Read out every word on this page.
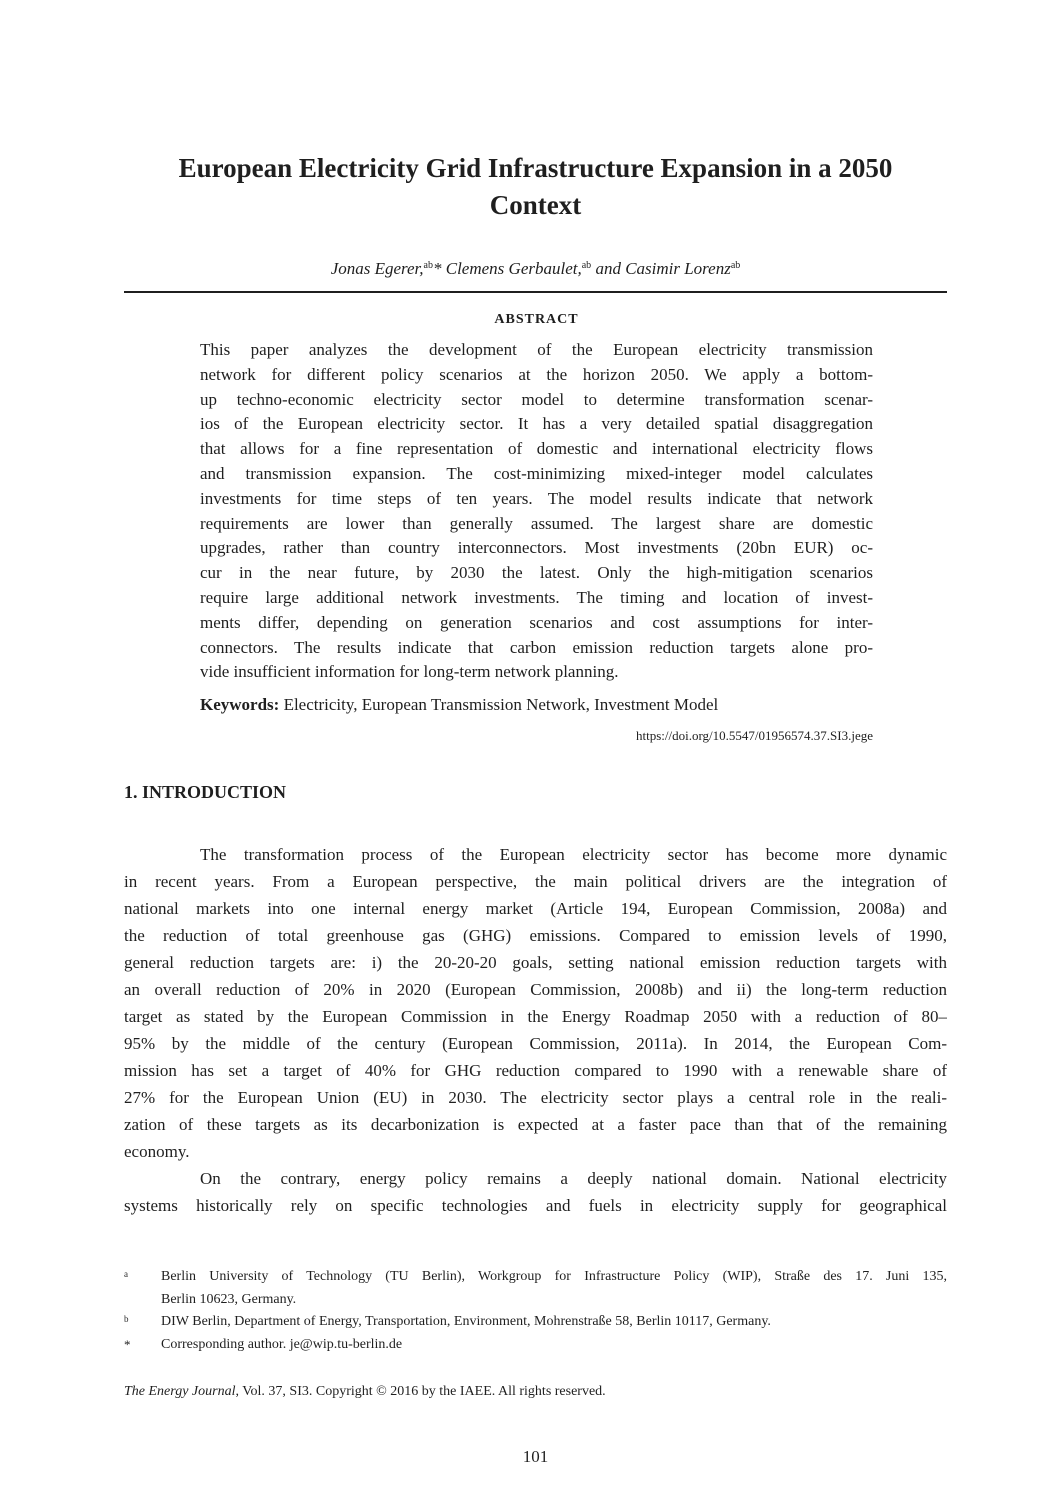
European Electricity Grid Infrastructure Expansion in a 2050
Context
Jonas Egerer,$^{ab}$* Clemens Gerbaulet,$^{ab}$ and Casimir Lorenz$^{ab}$
ABSTRACT

This paper analyzes the development of the European electricity transmission
network for different policy scenarios at the horizon 2050. We apply a bottom-
up techno-economic electricity sector model to determine transformation scenar-
ios of the European electricity sector. It has a very detailed spatial disaggregation
that allows for a fine representation of domestic and international electricity flows
and transmission expansion. The cost-minimizing mixed-integer model calculates
investments for time steps of ten years. The model results indicate that network
requirements are lower than generally assumed. The largest share are domestic
upgrades, rather than country interconnectors. Most investments (20bn EUR) oc-
cur in the near future, by 2030 the latest. Only the high-mitigation scenarios
require large additional network investments. The timing and location of invest-
ments differ, depending on generation scenarios and cost assumptions for inter-
connectors. The results indicate that carbon emission reduction targets alone pro-
vide insufficient information for long-term network planning.

Keywords: Electricity, European Transmission Network, Investment Model
https://doi.org/10.5547/01956574.37.SI3.jege
1. INTRODUCTION

The transformation process of the European electricity sector has become more dynamic
in recent years. From a European perspective, the main political drivers are the integration of
national markets into one internal energy market (Article 194, European Commission, 2008a) and
the reduction of total greenhouse gas (GHG) emissions. Compared to emission levels of 1990,
general reduction targets are: i) the 20-20-20 goals, setting national emission reduction targets with
an overall reduction of 20% in 2020 (European Commission, 2008b) and ii) the long-term reduction
target as stated by the European Commission in the Energy Roadmap 2050 with a reduction of 80–
95% by the middle of the century (European Commission, 2011a). In 2014, the European Com-
mission has set a target of 40% for GHG reduction compared to 1990 with a renewable share of
27% for the European Union (EU) in 2030. The electricity sector plays a central role in the reali-
zation of these targets as its decarbonization is expected at a faster pace than that of the remaining
economy.
On the contrary, energy policy remains a deeply national domain. National electricity
systems historically rely on specific technologies and fuels in electricity supply for geographical

a Berlin University of Technology (TU Berlin), Workgroup for Infrastructure Policy (WIP), Straße des 17. Juni 135,
Berlin 10623, Germany.
b DIW Berlin, Department of Energy, Transportation, Environment, Mohrenstraße 58, Berlin 10117, Germany.
* Corresponding author. je@wip.tu-berlin.de
The Energy Journal, Vol. 37, SI3. Copyright © 2016 by the IAEE. All rights reserved.
101
